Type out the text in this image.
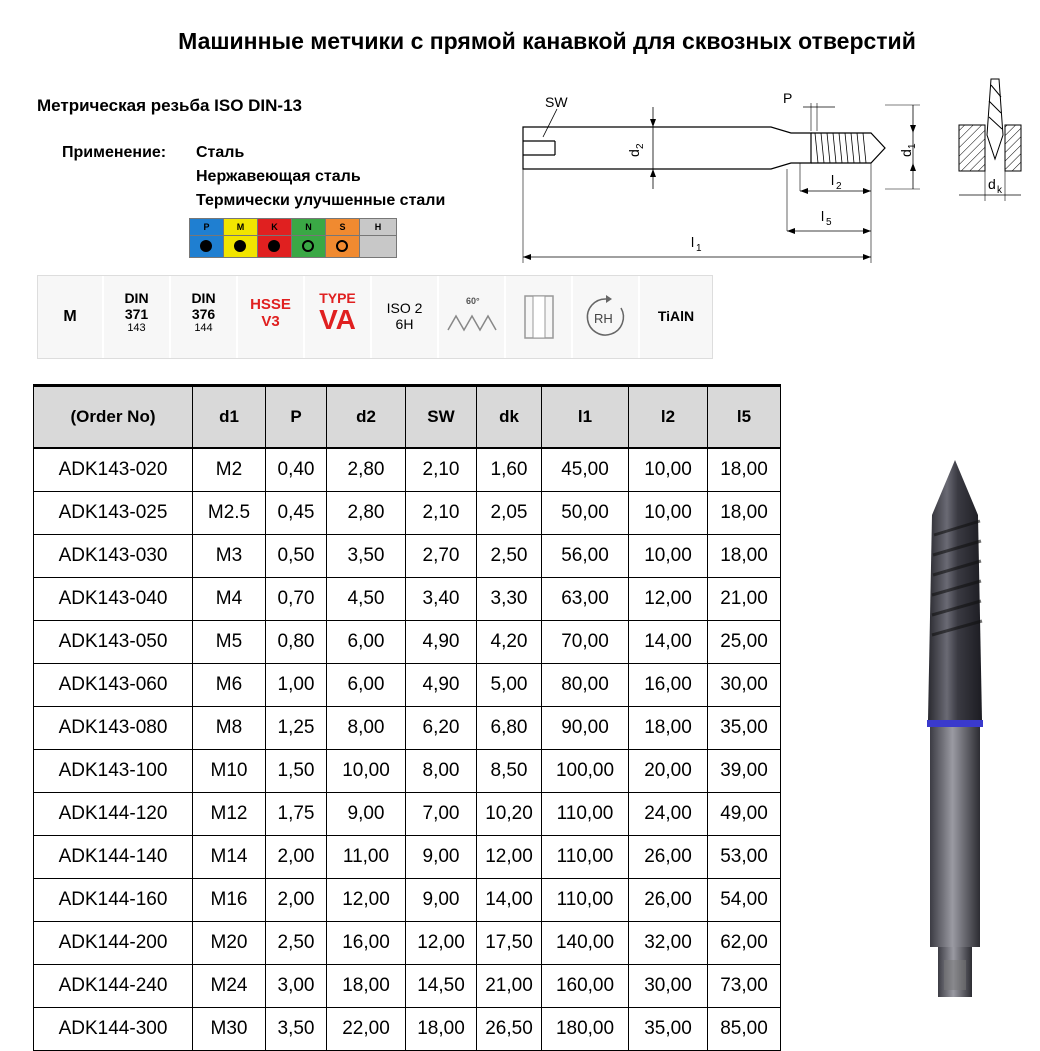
Машинные метчики с прямой канавкой для сквозных отверстий
Метрическая резьба ISO DIN-13
Применение: Сталь
Нержавеющая сталь
Термически улучшенные стали
P	M	K	N	S	H
SW	P
d
2
d
1
l 2
l 5
l 1
d k
M
DIN
371
143
DIN
376
144
HSSE
V3
TYPE
VA	ISO 2
6H
60°
RH	TiAlN
(Order No)	d1	P	d2	SW	dk	l1	l2	l5
ADK143-020	M2	0,40	2,80	2,10	1,60	45,00	10,00	18,00
ADK143-025	M2.5	0,45	2,80	2,10	2,05	50,00	10,00	18,00
ADK143-030	M3	0,50	3,50	2,70	2,50	56,00	10,00	18,00
ADK143-040	M4	0,70	4,50	3,40	3,30	63,00	12,00	21,00
ADK143-050	M5	0,80	6,00	4,90	4,20	70,00	14,00	25,00
ADK143-060	M6	1,00	6,00	4,90	5,00	80,00	16,00	30,00
ADK143-080	M8	1,25	8,00	6,20	6,80	90,00	18,00	35,00
ADK143-100	M10	1,50	10,00	8,00	8,50	100,00	20,00	39,00
ADK144-120	M12	1,75	9,00	7,00	10,20	110,00	24,00	49,00
ADK144-140	M14	2,00	11,00	9,00	12,00	110,00	26,00	53,00
ADK144-160	M16	2,00	12,00	9,00	14,00	110,00	26,00	54,00
ADK144-200	M20	2,50	16,00	12,00	17,50	140,00	32,00	62,00
ADK144-240	M24	3,00	18,00	14,50	21,00	160,00	30,00	73,00
ADK144-300	M30	3,50	22,00	18,00	26,50	180,00	35,00	85,00
